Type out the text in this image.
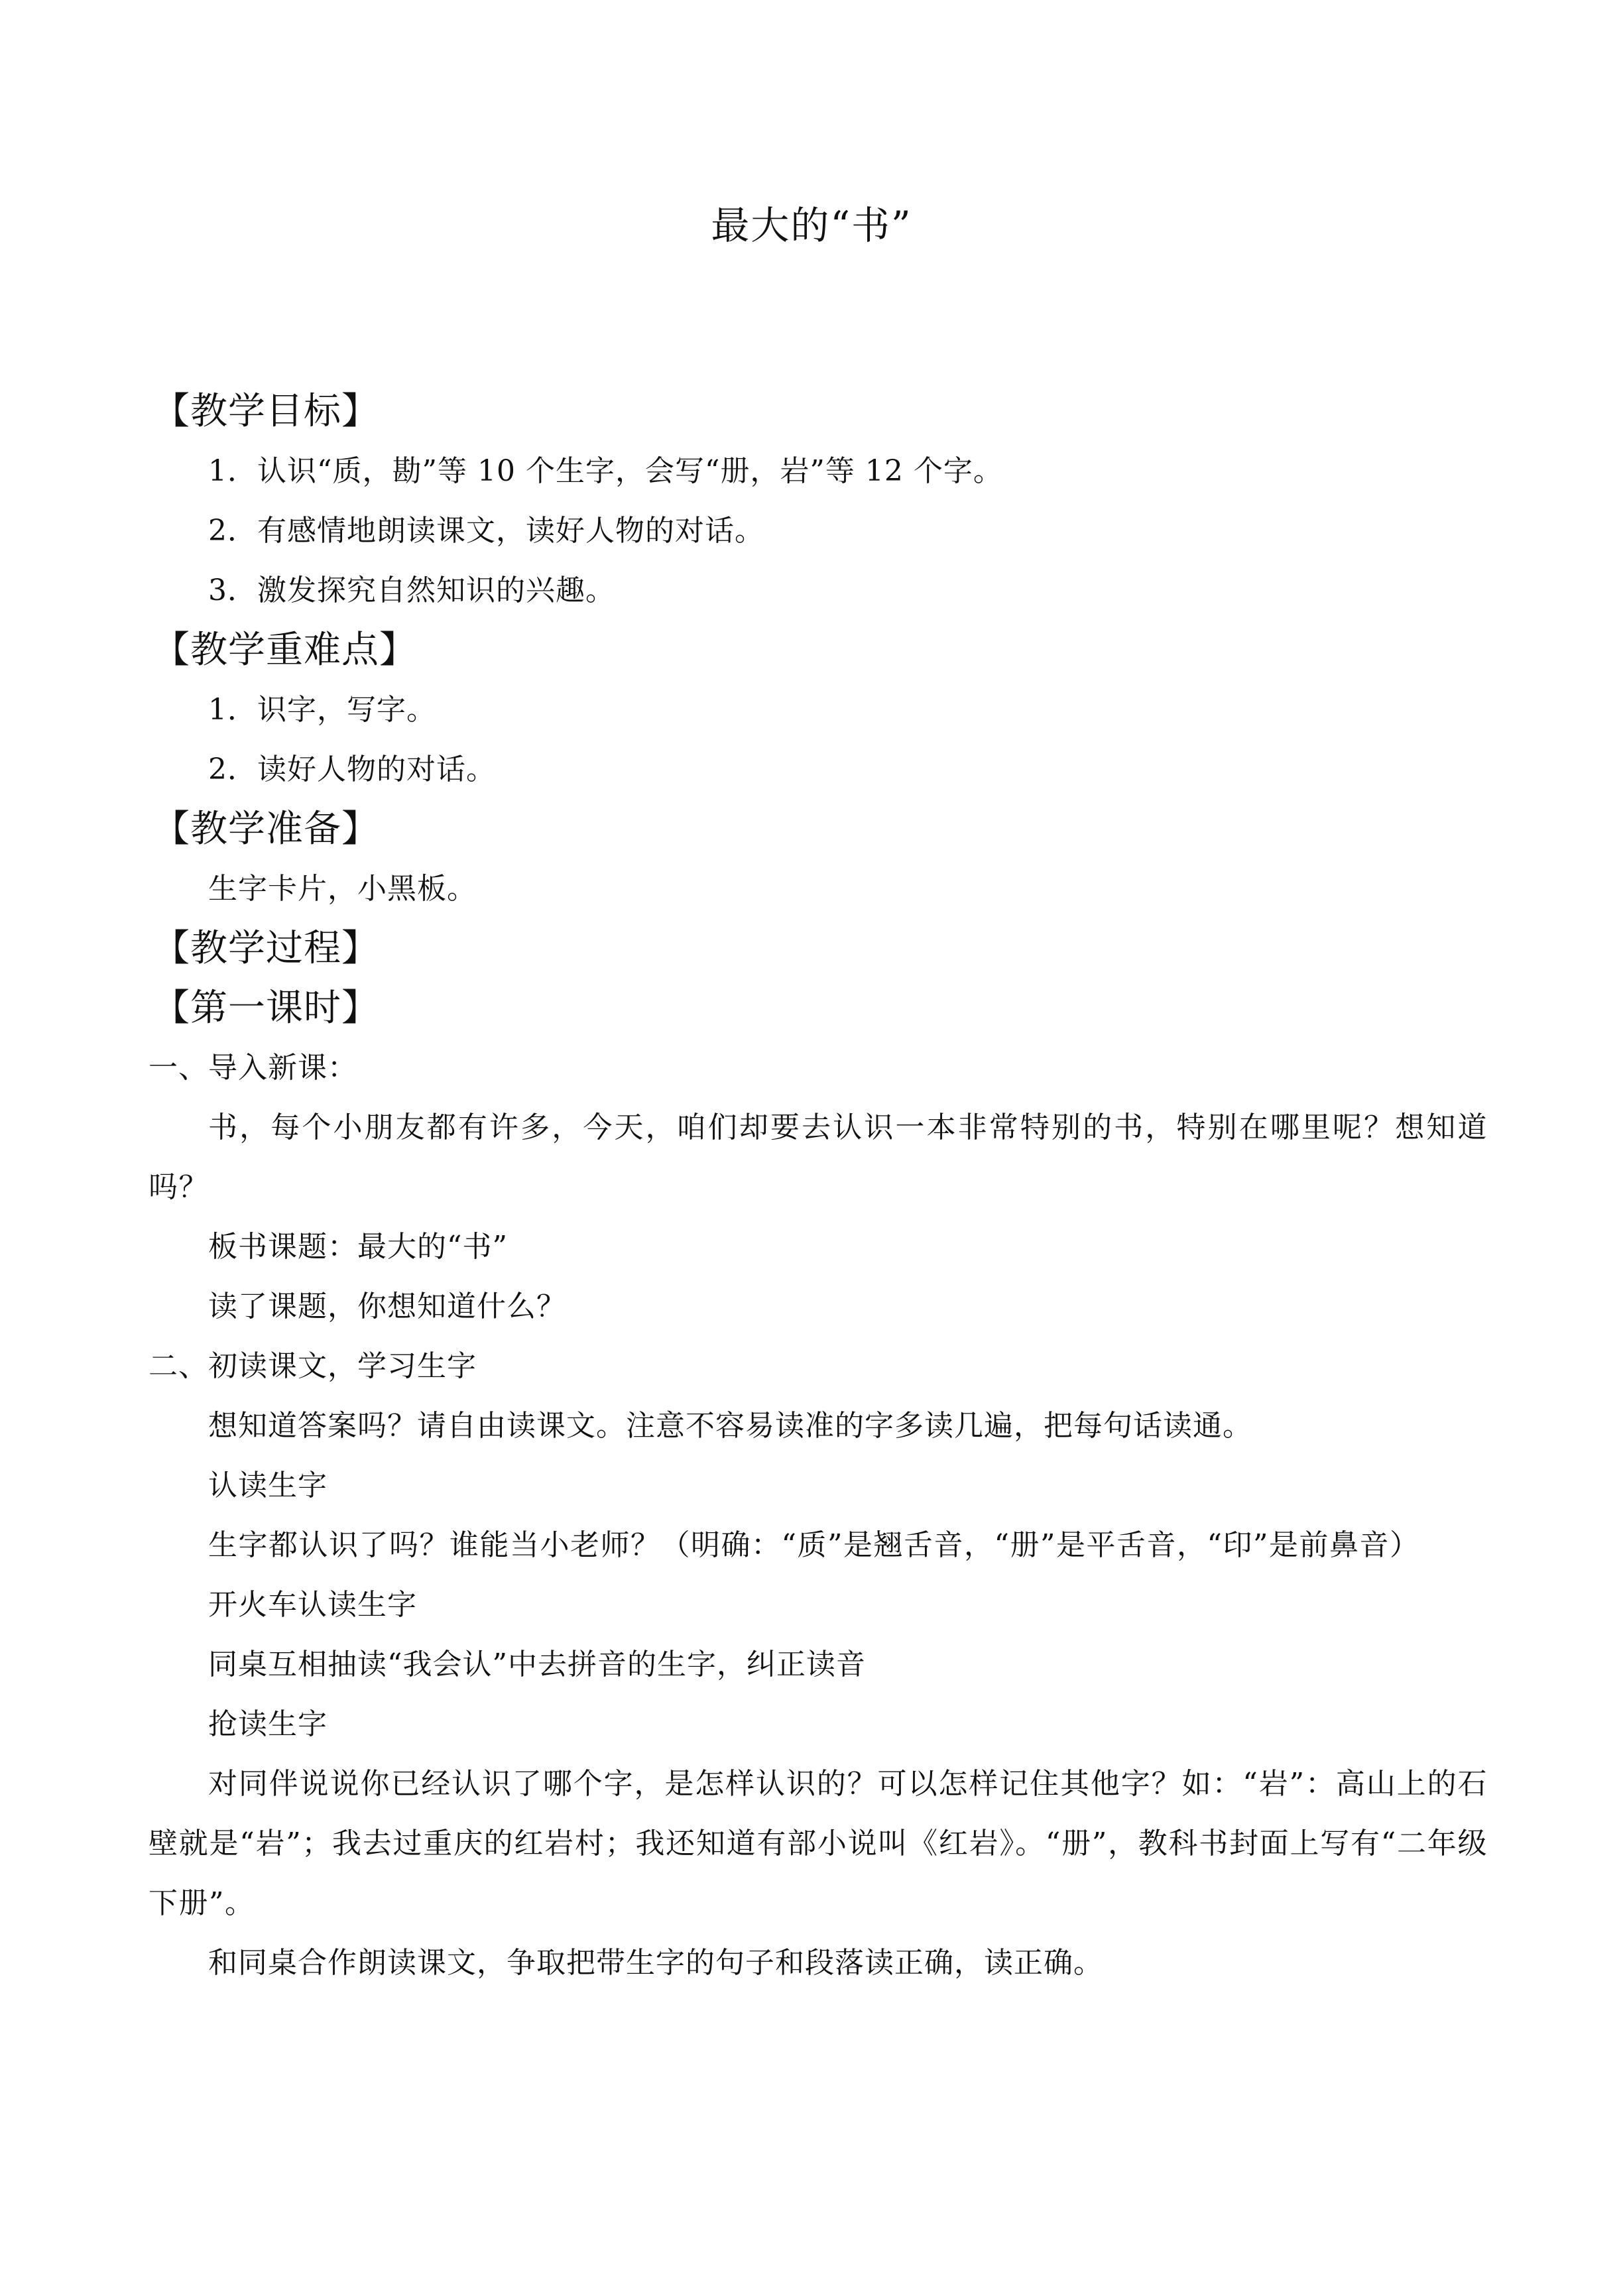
最大的“书”
【教学目标】
1．认识“质，勘”等 10 个生字，会写“册，岩”等 12 个字。
2．有感情地朗读课文，读好人物的对话。
3．激发探究自然知识的兴趣。
【教学重难点】
1．识字，写字。
2．读好人物的对话。
【教学准备】
生字卡片，小黑板。
【教学过程】
【第一课时】
一、导入新课：
书，每个小朋友都有许多，今天，咱们却要去认识一本非常特别的书，特别在哪里呢？想知道吗？
板书课题：最大的“书”
读了课题，你想知道什么？
二、初读课文，学习生字
想知道答案吗？请自由读课文。注意不容易读准的字多读几遍，把每句话读通。
认读生字
生字都认识了吗？谁能当小老师？（明确：“质”是翘舌音，“册”是平舌音，“印”是前鼻音）
开火车认读生字
同桌互相抽读“我会认”中去拼音的生字，纠正读音
抢读生字
对同伴说说你已经认识了哪个字，是怎样认识的？可以怎样记住其他字？如：“岩”：高山上的石壁就是“岩”；我去过重庆的红岩村；我还知道有部小说叫《红岩》。“册”，教科书封面上写有“二年级下册”。
和同桌合作朗读课文，争取把带生字的句子和段落读正确，读正确。
